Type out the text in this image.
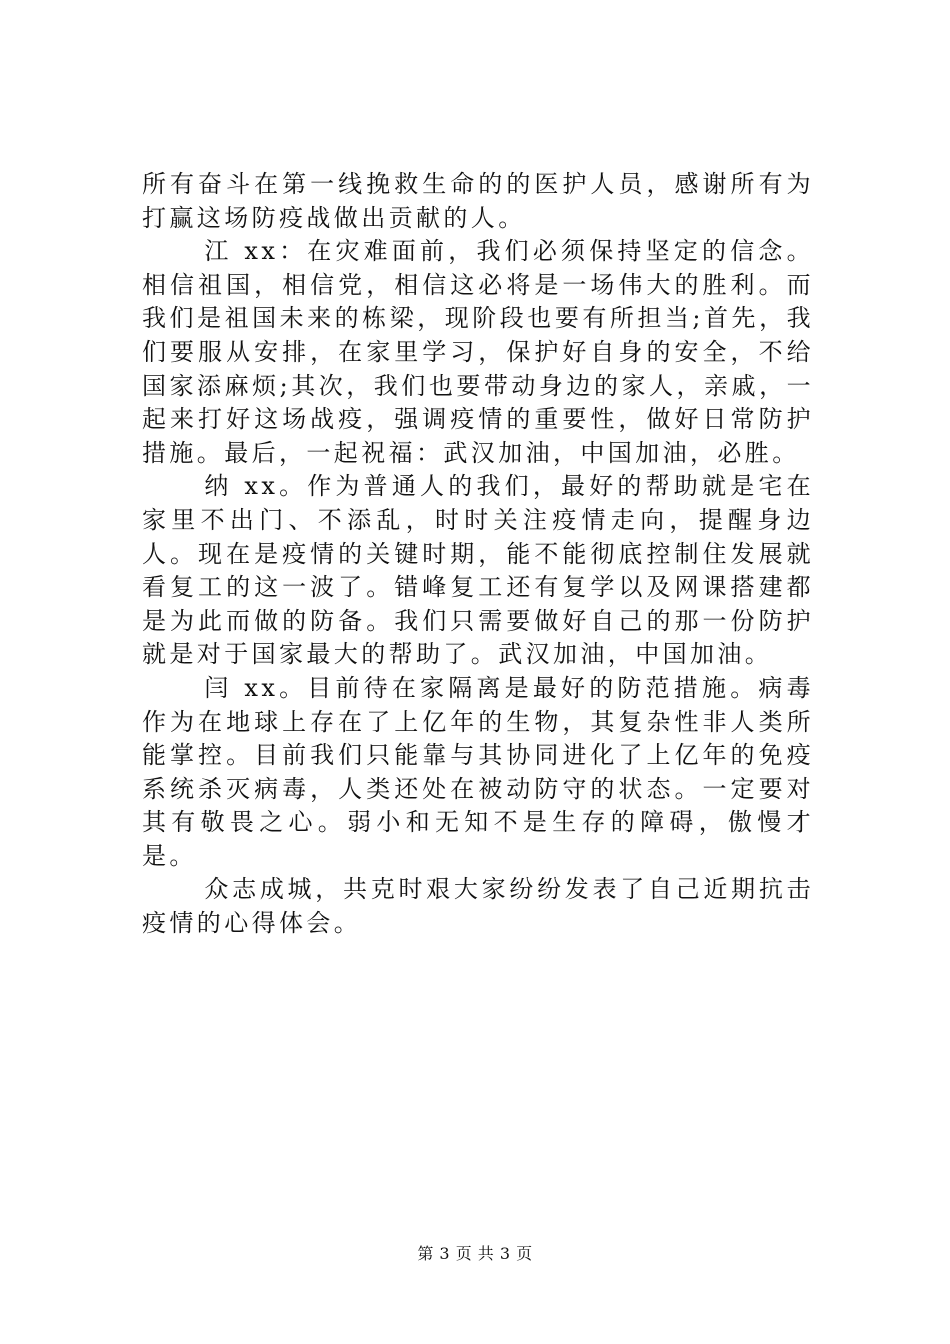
所有奋斗在第一线挽救生命的的医护人员，感谢所有为打赢这场防疫战做出贡献的人。

江 xx：在灾难面前，我们必须保持坚定的信念。相信祖国，相信党，相信这必将是一场伟大的胜利。而我们是祖国未来的栋梁，现阶段也要有所担当;首先，我们要服从安排，在家里学习，保护好自身的安全，不给国家添麻烦;其次，我们也要带动身边的家人，亲戚，一起来打好这场战疫，强调疫情的重要性，做好日常防护措施。最后，一起祝福：武汉加油，中国加油，必胜。

纳 xx。作为普通人的我们，最好的帮助就是宅在家里不出门、不添乱，时时关注疫情走向，提醒身边人。现在是疫情的关键时期，能不能彻底控制住发展就看复工的这一波了。错峰复工还有复学以及网课搭建都是为此而做的防备。我们只需要做好自己的那一份防护就是对于国家最大的帮助了。武汉加油，中国加油。

闫 xx。目前待在家隔离是最好的防范措施。病毒作为在地球上存在了上亿年的生物，其复杂性非人类所能掌控。目前我们只能靠与其协同进化了上亿年的免疫系统杀灭病毒，人类还处在被动防守的状态。一定要对其有敬畏之心。弱小和无知不是生存的障碍，傲慢才是。

众志成城，共克时艰大家纷纷发表了自己近期抗击疫情的心得体会。

第 3 页 共 3 页
